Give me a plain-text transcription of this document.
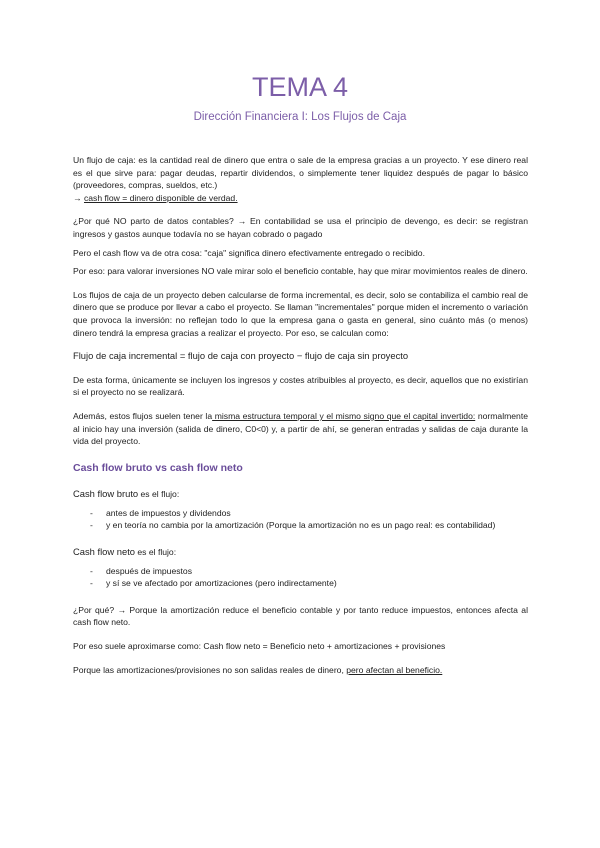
TEMA 4
Dirección Financiera I: Los Flujos de Caja

Un flujo de caja: es la cantidad real de dinero que entra o sale de la empresa gracias a un proyecto. Y ese dinero real es el que sirve para: pagar deudas, repartir dividendos, o simplemente tener liquidez después de pagar lo básico (proveedores, compras, sueldos, etc.)
→ cash flow = dinero disponible de verdad.

¿Por qué NO parto de datos contables? → En contabilidad se usa el principio de devengo, es decir: se registran ingresos y gastos aunque todavía no se hayan cobrado o pagado

Pero el cash flow va de otra cosa: "caja" significa dinero efectivamente entregado o recibido.

Por eso: para valorar inversiones NO vale mirar solo el beneficio contable, hay que mirar movimientos reales de dinero.

Los flujos de caja de un proyecto deben calcularse de forma incremental, es decir, solo se contabiliza el cambio real de dinero que se produce por llevar a cabo el proyecto. Se llaman "incrementales" porque miden el incremento o variación que provoca la inversión: no reflejan todo lo que la empresa gana o gasta en general, sino cuánto más (o menos) dinero tendrá la empresa gracias a realizar el proyecto. Por eso, se calculan como:

Flujo de caja incremental = flujo de caja con proyecto − flujo de caja sin proyecto

De esta forma, únicamente se incluyen los ingresos y costes atribuibles al proyecto, es decir, aquellos que no existirían si el proyecto no se realizará.

Además, estos flujos suelen tener la misma estructura temporal y el mismo signo que el capital invertido: normalmente al inicio hay una inversión (salida de dinero, C0<0) y, a partir de ahí, se generan entradas y salidas de caja durante la vida del proyecto.

Cash flow bruto vs cash flow neto

Cash flow bruto es el flujo:

- antes de impuestos y dividendos
- y en teoría no cambia por la amortización (Porque la amortización no es un pago real: es contabilidad)

Cash flow neto es el flujo:

- después de impuestos
- y sí se ve afectado por amortizaciones (pero indirectamente)

¿Por qué? → Porque la amortización reduce el beneficio contable y por tanto reduce impuestos, entonces afecta al cash flow neto.

Por eso suele aproximarse como: Cash flow neto = Beneficio neto + amortizaciones + provisiones

Porque las amortizaciones/provisiones no son salidas reales de dinero, pero afectan al beneficio.
